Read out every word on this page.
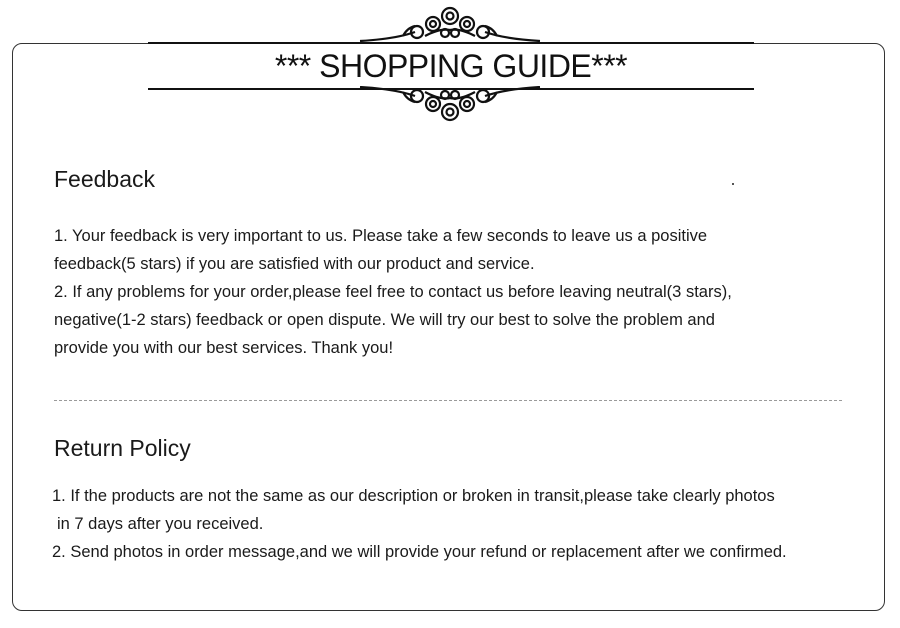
*** SHOPPING GUIDE***
Feedback
1. Your feedback is very important to us. Please take a few seconds to leave us a positive
feedback(5 stars) if you are satisfied with our product and service.
2. If any problems for your order,please feel free to contact us before leaving neutral(3 stars),
negative(1-2 stars) feedback or open dispute. We will try our best to solve the problem and
provide you with our best services. Thank you!
Return Policy
1. If the products are not the same as our description or broken in transit,please take clearly photos
in 7 days after you received.
2. Send photos in order message,and we will provide your refund or replacement after we confirmed.
